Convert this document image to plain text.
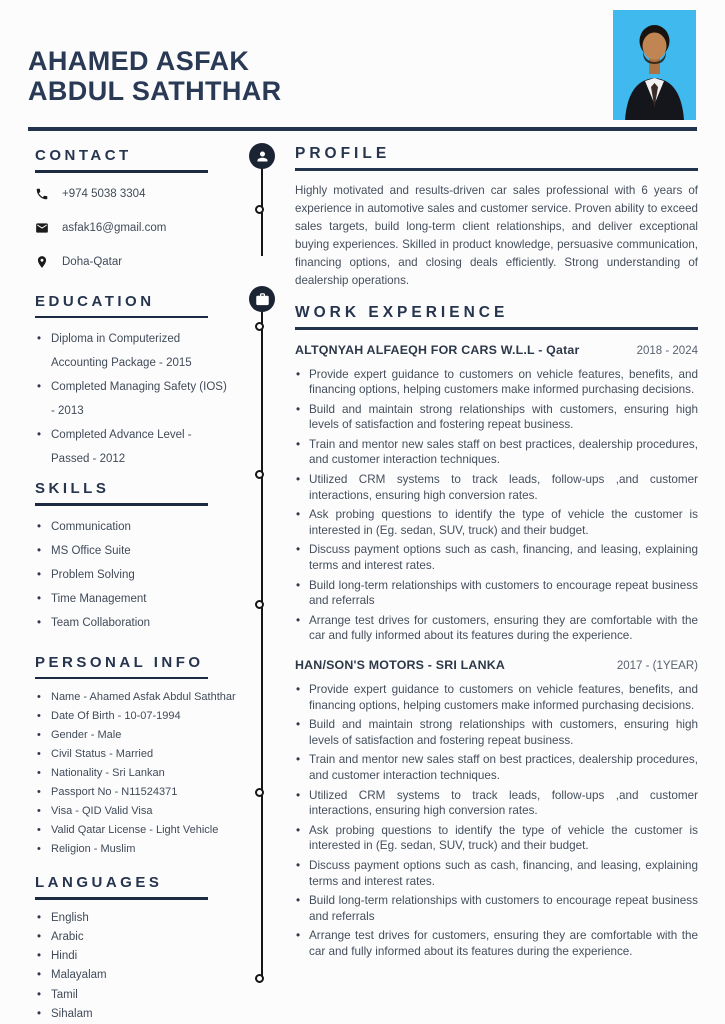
AHAMED ASFAK
ABDUL SATHTHAR
CONTACT
+974 5038 3304
asfak16@gmail.com
Doha-Qatar
EDUCATION
• Diploma in Computerized Accounting Package - 2015
• Completed Managing Safety (IOS) - 2013
• Completed Advance Level - Passed - 2012
SKILLS
• Communication
• MS Office Suite
• Problem Solving
• Time Management
• Team Collaboration
PERSONAL INFO
• Name - Ahamed Asfak Abdul Saththar
• Date Of Birth - 10-07-1994
• Gender - Male
• Civil Status - Married
• Nationality - Sri Lankan
• Passport No - N11524371
• Visa - QID Valid Visa
• Valid Qatar License - Light Vehicle
• Religion - Muslim
LANGUAGES
• English
• Arabic
• Hindi
• Malayalam
• Tamil
• Sihalam
PROFILE

Highly motivated and results-driven car sales professional with 6 years of experience in automotive sales and customer service. Proven ability to exceed sales targets, build long-term client relationships, and deliver exceptional buying experiences. Skilled in product knowledge, persuasive communication, financing options, and closing deals efficiently. Strong understanding of dealership operations.

WORK EXPERIENCE
ALTQNYAH ALFAEQH FOR CARS W.L.L - Qatar	2018 - 2024
• Provide expert guidance to customers on vehicle features, benefits, and financing options, helping customers make informed purchasing decisions.
• Build and maintain strong relationships with customers, ensuring high levels of satisfaction and fostering repeat business.
• Train and mentor new sales staff on best practices, dealership procedures, and customer interaction techniques.
• Utilized CRM systems to track leads, follow-ups ,and customer interactions, ensuring high conversion rates.
• Ask probing questions to identify the type of vehicle the customer is interested in (Eg. sedan, SUV, truck) and their budget.
• Discuss payment options such as cash, financing, and leasing, explaining terms and interest rates.
• Build long-term relationships with customers to encourage repeat business and referrals
• Arrange test drives for customers, ensuring they are comfortable with the car and fully informed about its features during the experience.
HAN/SON'S MOTORS - SRI LANKA	2017 - (1YEAR)
• Provide expert guidance to customers on vehicle features, benefits, and financing options, helping customers make informed purchasing decisions.
• Build and maintain strong relationships with customers, ensuring high levels of satisfaction and fostering repeat business.
• Train and mentor new sales staff on best practices, dealership procedures, and customer interaction techniques.
• Utilized CRM systems to track leads, follow-ups ,and customer interactions, ensuring high conversion rates.
• Ask probing questions to identify the type of vehicle the customer is interested in (Eg. sedan, SUV, truck) and their budget.
• Discuss payment options such as cash, financing, and leasing, explaining terms and interest rates.
• Build long-term relationships with customers to encourage repeat business and referrals
• Arrange test drives for customers, ensuring they are comfortable with the car and fully informed about its features during the experience.
